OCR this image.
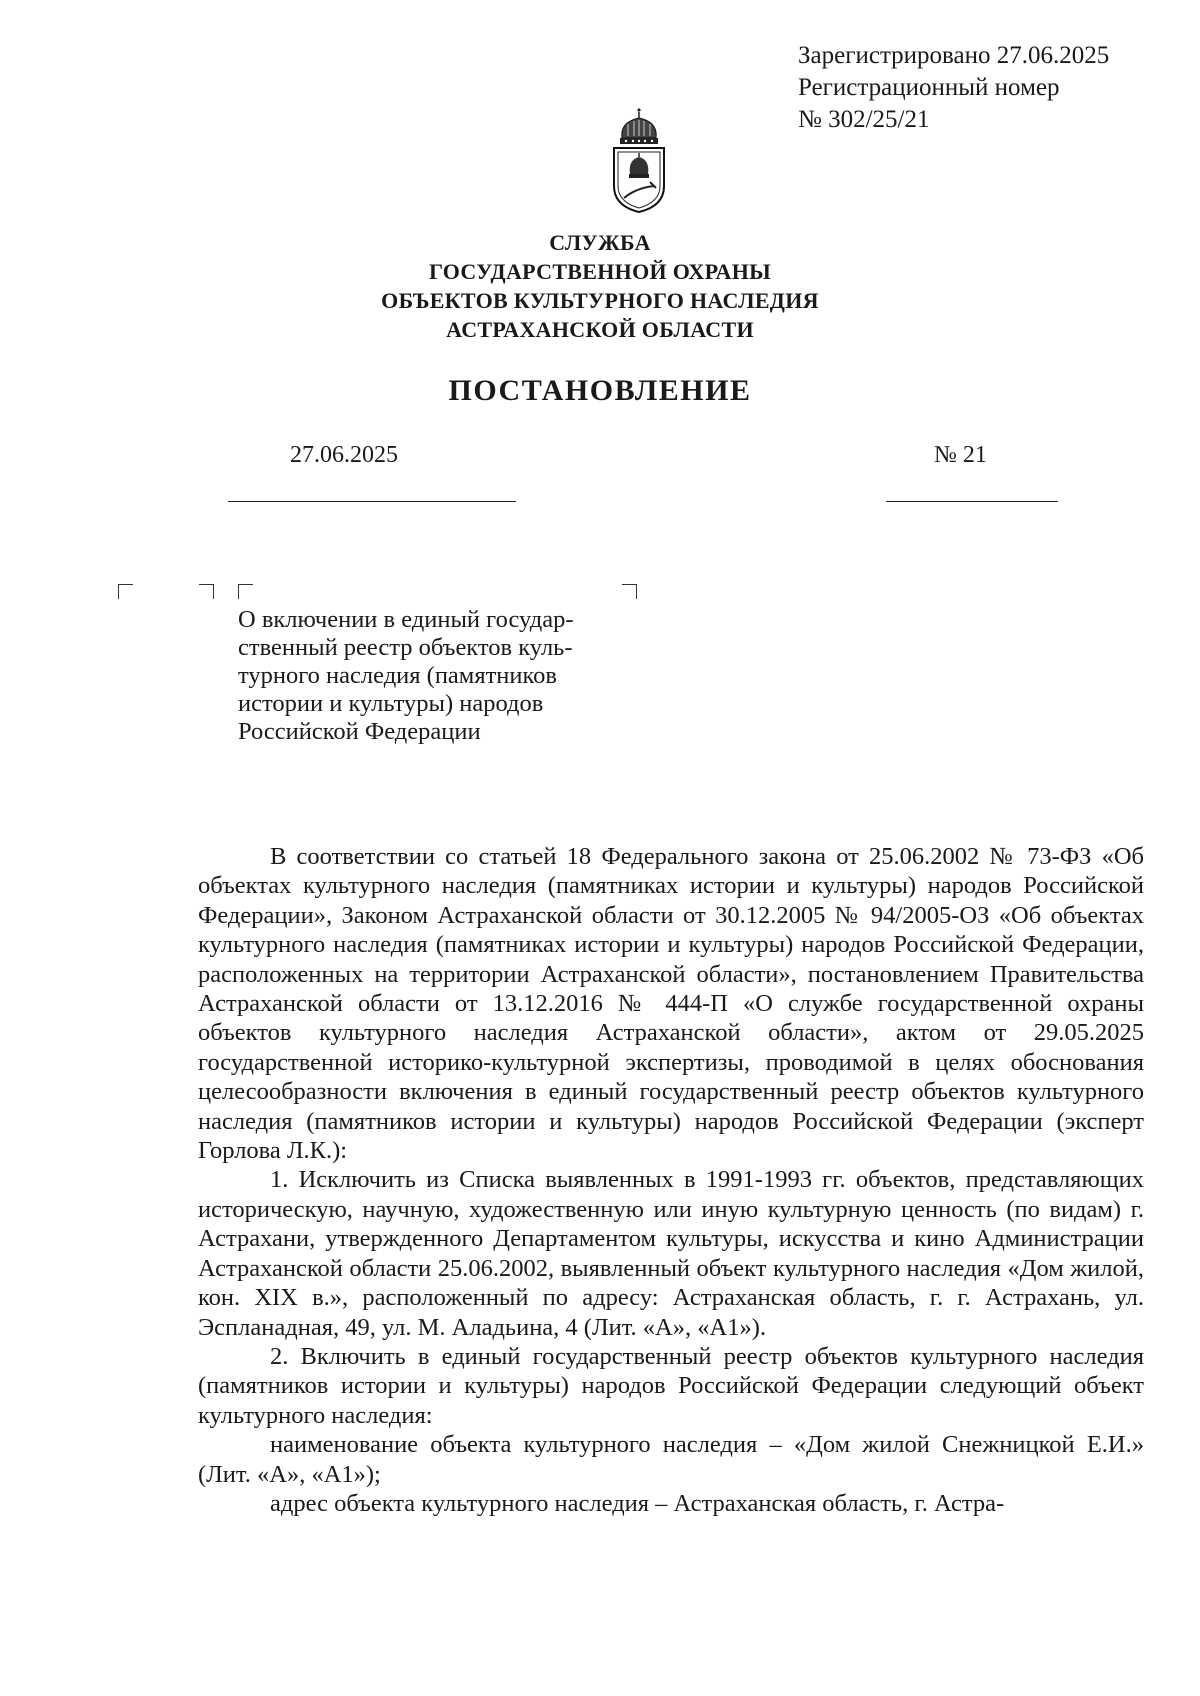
Зарегистрировано 27.06.2025
Регистрационный номер
№ 302/25/21
СЛУЖБА
ГОСУДАРСТВЕННОЙ ОХРАНЫ
ОБЪЕКТОВ КУЛЬТУРНОГО НАСЛЕДИЯ
АСТРАХАНСКОЙ ОБЛАСТИ
ПОСТАНОВЛЕНИЕ
27.06.2025	№ 21
О включении в единый государ-
ственный реестр объектов куль-
турного наследия (памятников
истории и культуры) народов
Российской Федерации

В соответствии со статьей 18 Федерального закона от 25.06.2002 № 73-ФЗ «Об объектах культурного наследия (памятниках истории и культуры) народов Российской Федерации», Законом Астраханской области от 30.12.2005 № 94/2005-ОЗ «Об объектах культурного наследия (памятниках истории и культуры) народов Российской Федерации, расположенных на территории Астраханской области», постановлением Правительства Астраханской области от 13.12.2016 № 444-П «О службе государственной охраны объектов культурного наследия Астраханской области», актом от 29.05.2025 государственной историко-культурной экспертизы, проводимой в целях обоснования целесообразности включения в единый государственный реестр объектов культурного наследия (памятников истории и культуры) народов Российской Федерации (эксперт Горлова Л.К.):

1. Исключить из Списка выявленных в 1991-1993 гг. объектов, представляющих историческую, научную, художественную или иную культурную ценность (по видам) г. Астрахани, утвержденного Департаментом культуры, искусства и кино Администрации Астраханской области 25.06.2002, выявленный объект культурного наследия «Дом жилой, кон. XIX в.», расположенный по адресу: Астраханская область, г. г. Астрахань, ул. Эспланадная, 49, ул. М. Аладьина, 4 (Лит. «А», «А1»).

2. Включить в единый государственный реестр объектов культурного наследия (памятников истории и культуры) народов Российской Федерации следующий объект культурного наследия:

наименование объекта культурного наследия – «Дом жилой Снежницкой Е.И.» (Лит. «А», «А1»);

адрес объекта культурного наследия – Астраханская область, г. Астра-
